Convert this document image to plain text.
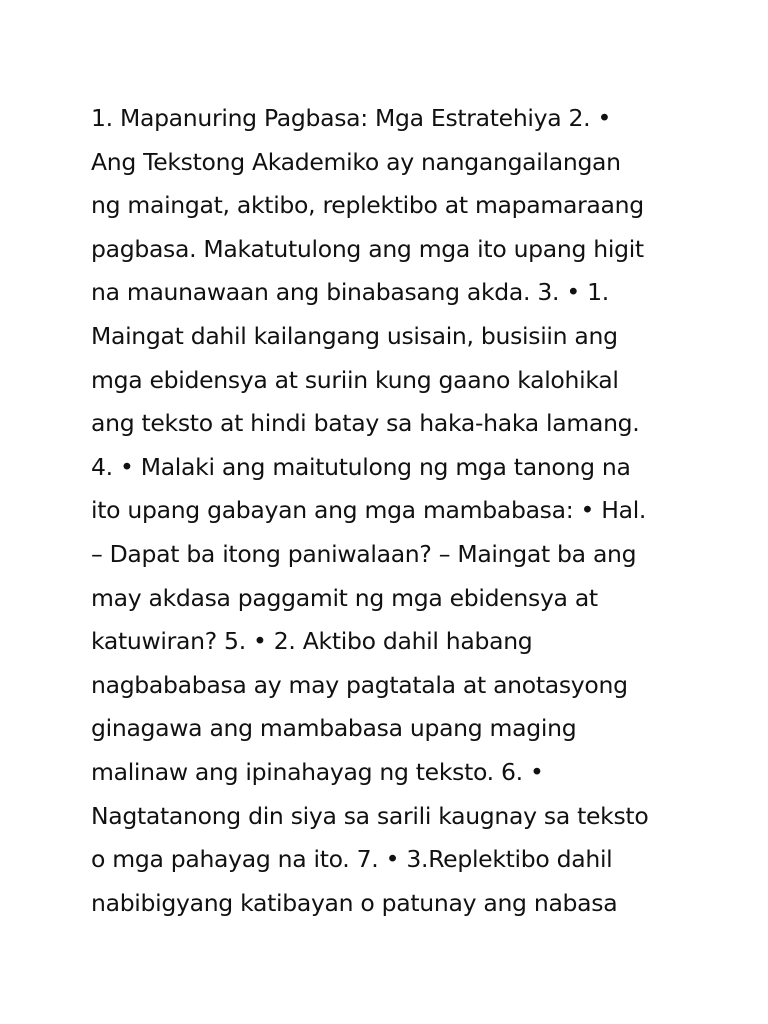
1. Mapanuring Pagbasa: Mga Estratehiya 2. •
Ang Tekstong Akademiko ay nangangailangan
ng maingat, aktibo, replektibo at mapamaraang
pagbasa. Makatutulong ang mga ito upang higit
na maunawaan ang binabasang akda. 3. • 1.
Maingat dahil kailangang usisain, busisiin ang
mga ebidensya at suriin kung gaano kalohikal
ang teksto at hindi batay sa haka-haka lamang.
4. • Malaki ang maitutulong ng mga tanong na
ito upang gabayan ang mga mambabasa: • Hal.
– Dapat ba itong paniwalaan? – Maingat ba ang
may akdasa paggamit ng mga ebidensya at
katuwiran? 5. • 2. Aktibo dahil habang
nagbababasa ay may pagtatala at anotasyong
ginagawa ang mambabasa upang maging
malinaw ang ipinahayag ng teksto. 6. •
Nagtatanong din siya sa sarili kaugnay sa teksto
o mga pahayag na ito. 7. • 3.Replektibo dahil
nabibigyang katibayan o patunay ang nabasa
